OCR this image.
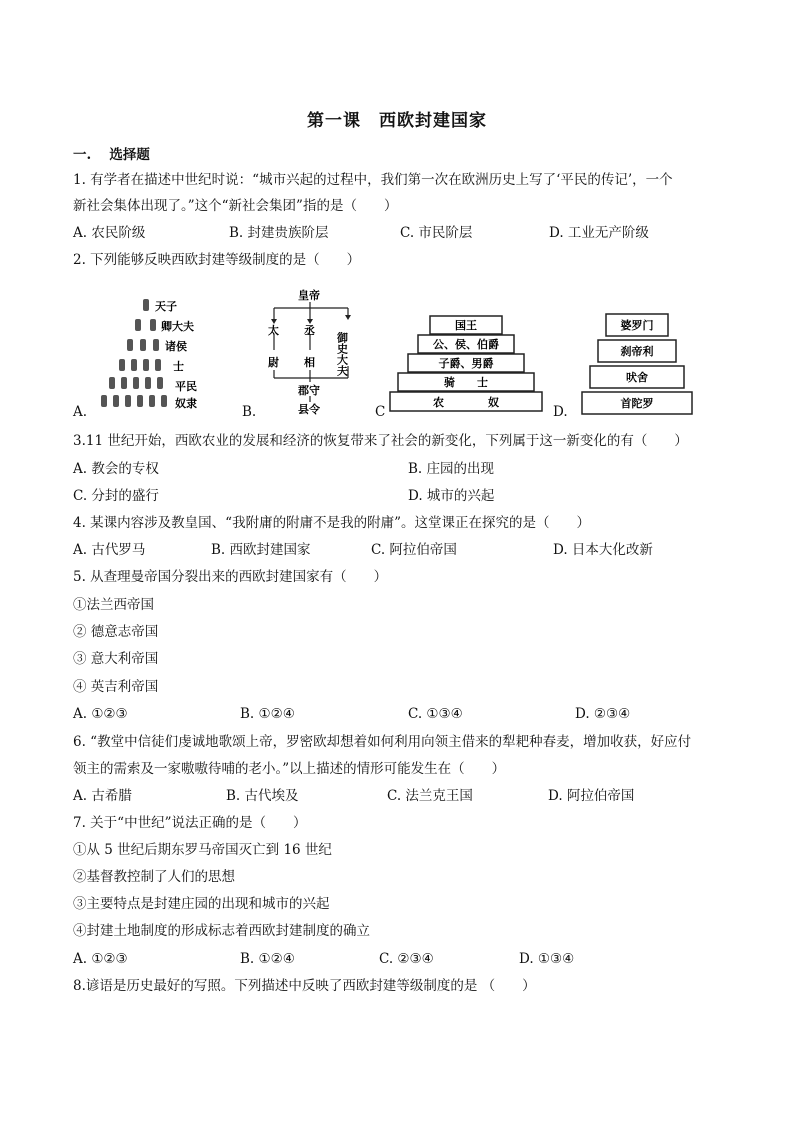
第一课　西欧封建国家
一.　 选择题
1. 有学者在描述中世纪时说：“城市兴起的过程中，我们第一次在欧洲历史上写了‘平民的传记’，一个
新社会集体出现了。”这个“新社会集团”指的是（　　）
A. 农民阶级	B. 封建贵族阶层	C. 市民阶层	D. 工业无产阶级
2. 下列能够反映西欧封建等级制度的是（　　）
天子
卿大夫
诸侯
士
平民
奴隶
皇帝
太 丞
尉 相 御史大夫
郡守
县令
国王
公、侯、伯爵
子爵、男爵
骑　　士
农　　　　奴
婆罗门
刹帝利
吠舍
首陀罗
A.	B.	C	D.
3.11 世纪开始，西欧农业的发展和经济的恢复带来了社会的新变化，下列属于这一新变化的有（　　）
A. 教会的专权	B. 庄园的出现
C. 分封的盛行	D. 城市的兴起
4. 某课内容涉及教皇国、“我附庸的附庸不是我的附庸”。这堂课正在探究的是（　　）
A. 古代罗马	B. 西欧封建国家	C. 阿拉伯帝国	D. 日本大化改新
5. 从查理曼帝国分裂出来的西欧封建国家有（　　）
①法兰西帝国
② 德意志帝国
③ 意大利帝国
④ 英吉利帝国
A. ①②③	B. ①②④	C. ①③④	D. ②③④
6. “教堂中信徒们虔诚地歌颂上帝，罗密欧却想着如何利用向领主借来的犁耙种春麦，增加收获，好应付
领主的需索及一家嗷嗷待哺的老小。”以上描述的情形可能发生在（　　）
A. 古希腊	B. 古代埃及	C. 法兰克王国	D. 阿拉伯帝国
7. 关于“中世纪”说法正确的是（　　）
①从 5 世纪后期东罗马帝国灭亡到 16 世纪
②基督教控制了人们的思想
③主要特点是封建庄园的出现和城市的兴起
④封建土地制度的形成标志着西欧封建制度的确立
A. ①②③	B. ①②④	C. ②③④	D. ①③④
8.谚语是历史最好的写照。下列描述中反映了西欧封建等级制度的是 （　　）
